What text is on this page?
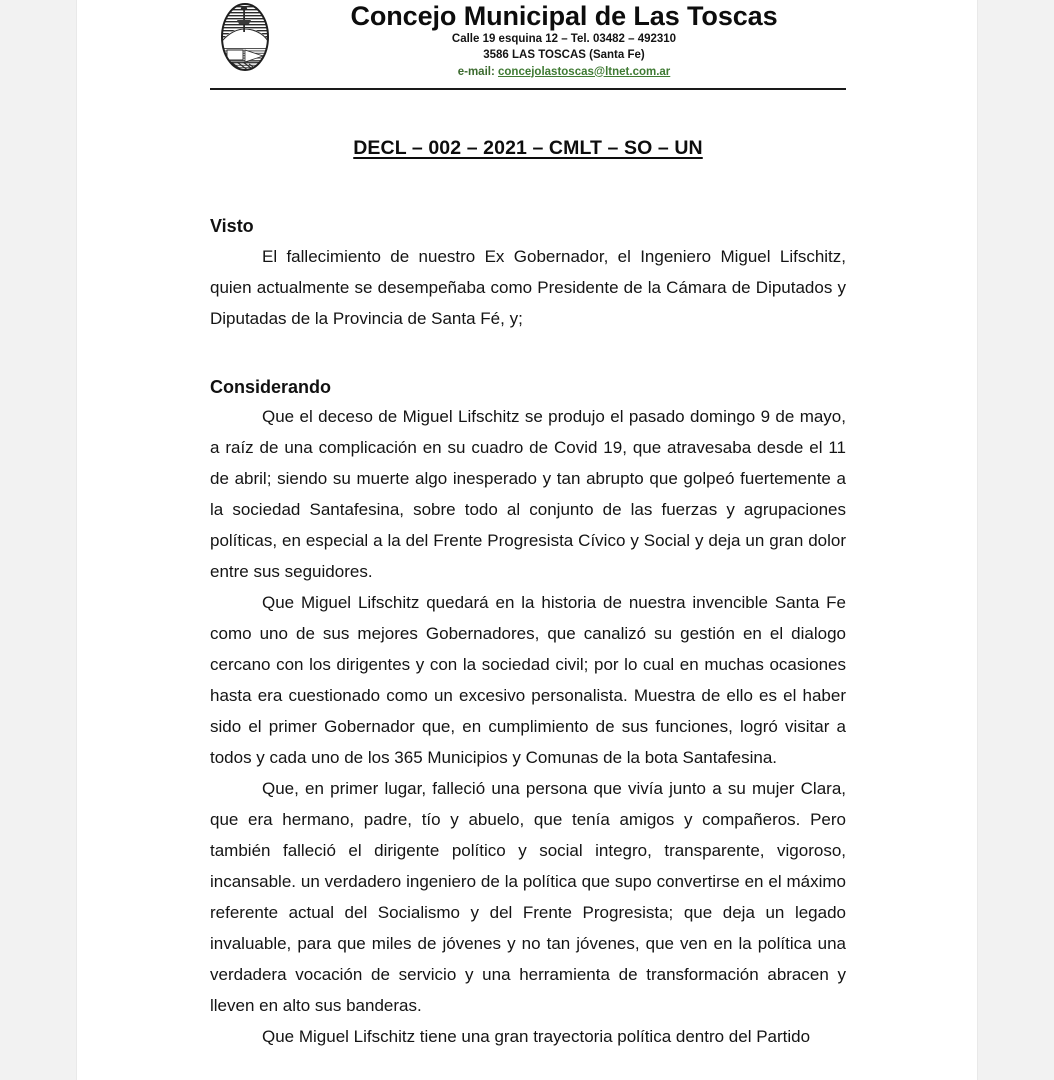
Concejo Municipal de Las Toscas
Calle 19 esquina 12 – Tel. 03482 – 492310
3586 LAS TOSCAS (Santa Fe)
e-mail: concejolastoscas@ltnet.com.ar
DECL – 002 – 2021 – CMLT – SO – UN
Visto

El fallecimiento de nuestro Ex Gobernador, el Ingeniero Miguel Lifschitz, quien actualmente se desempeñaba como Presidente de la Cámara de Diputados y Diputadas de la Provincia de Santa Fé, y;

Considerando

Que el deceso de Miguel Lifschitz se produjo el pasado domingo 9 de mayo, a raíz de una complicación en su cuadro de Covid 19, que atravesaba desde el 11 de abril; siendo su muerte algo inesperado y tan abrupto que golpeó fuertemente a la sociedad Santafesina, sobre todo al conjunto de las fuerzas y agrupaciones políticas, en especial a la del Frente Progresista Cívico y Social y deja un gran dolor entre sus seguidores.

Que Miguel Lifschitz quedará en la historia de nuestra invencible Santa Fe como uno de sus mejores Gobernadores, que canalizó su gestión en el dialogo cercano con los dirigentes y con la sociedad civil; por lo cual en muchas ocasiones hasta era cuestionado como un excesivo personalista. Muestra de ello es el haber sido el primer Gobernador que, en cumplimiento de sus funciones, logró visitar a todos y cada uno de los 365 Municipios y Comunas de la bota Santafesina.

Que, en primer lugar, falleció una persona que vivía junto a su mujer Clara, que era hermano, padre, tío y abuelo, que tenía amigos y compañeros. Pero también falleció el dirigente político y social integro, transparente, vigoroso, incansable. un verdadero ingeniero de la política que supo convertirse en el máximo referente actual del Socialismo y del Frente Progresista; que deja un legado invaluable, para que miles de jóvenes y no tan jóvenes, que ven en la política una verdadera vocación de servicio y una herramienta de transformación abracen y lleven en alto sus banderas.

Que Miguel Lifschitz tiene una gran trayectoria política dentro del Partido
